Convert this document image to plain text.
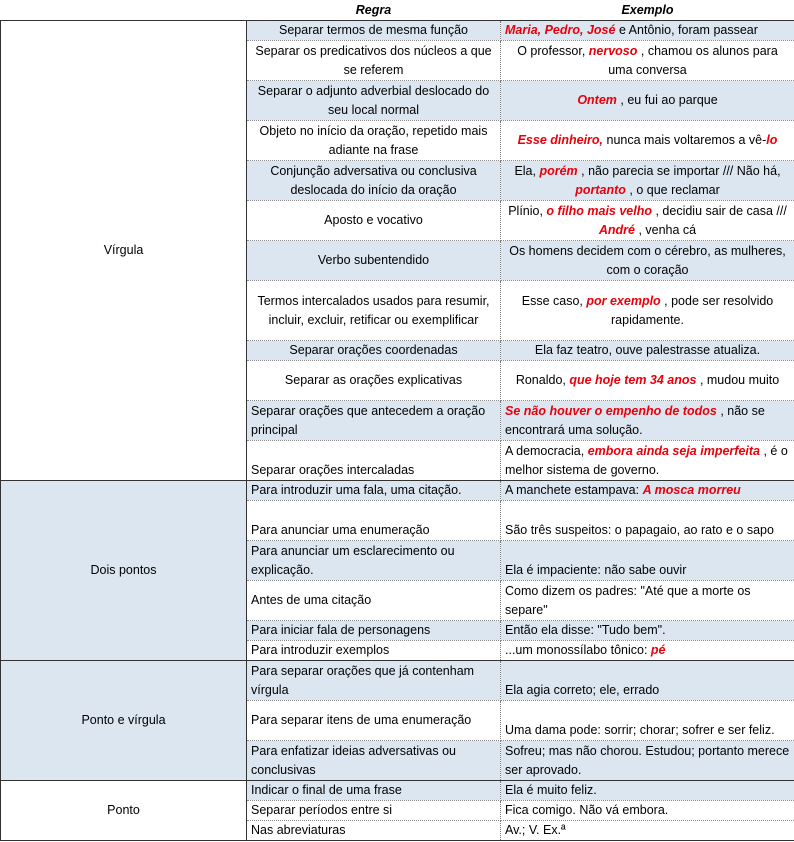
	Regra	Exemplo
Vírgula	Separar termos de mesma função	Maria, Pedro, José e Antônio, foram passear
	Separar os predicativos dos núcleos a que se referem	O professor, nervoso , chamou os alunos para uma conversa
	Separar o adjunto adverbial deslocado do seu local normal	Ontem , eu fui ao parque
	Objeto no início da oração, repetido mais adiante na frase	Esse dinheiro, nunca mais voltaremos a vê-lo
	Conjunção adversativa ou conclusiva deslocada do início da oração	Ela, porém , não parecia se importar /// Não há, portanto , o que reclamar
	Aposto e vocativo	Plínio, o filho mais velho , decidiu sair de casa /// André , venha cá
	Verbo subentendido	Os homens decidem com o cérebro, as mulheres, com o coração
	Termos intercalados usados para resumir, incluir, excluir, retificar ou exemplificar	Esse caso, por exemplo , pode ser resolvido rapidamente.
	Separar orações coordenadas	Ela faz teatro, ouve palestrasse atualiza.
	Separar as orações explicativas	Ronaldo, que hoje tem 34 anos , mudou muito
	Separar orações que antecedem a oração principal	Se não houver o empenho de todos , não se encontrará uma solução.
	Separar orações intercaladas	A democracia, embora ainda seja imperfeita , é o melhor sistema de governo.
Dois pontos	Para introduzir uma fala, uma citação.	A manchete estampava: A mosca morreu
	Para anunciar uma enumeração	São três suspeitos: o papagaio, ao rato e o sapo
	Para anunciar um esclarecimento ou explicação.	Ela é impaciente: não sabe ouvir
	Antes de uma citação	Como dizem os padres: "Até que a morte os separe"
	Para iniciar fala de personagens	Então ela disse: "Tudo bem".
	Para introduzir exemplos	...um monossílabo tônico: pé
Ponto e vírgula	Para separar orações que já contenham vírgula	Ela agia correto; ele, errado
	Para separar itens de uma enumeração	Uma dama pode: sorrir; chorar; sofrer e ser feliz.
	Para enfatizar ideias adversativas ou conclusivas	Sofreu; mas não chorou. Estudou; portanto merece ser aprovado.
Ponto	Indicar o final de uma frase	Ela é muito feliz.
	Separar períodos entre si	Fica comigo. Não vá embora.
	Nas abreviaturas	Av.; V. Ex.ª
